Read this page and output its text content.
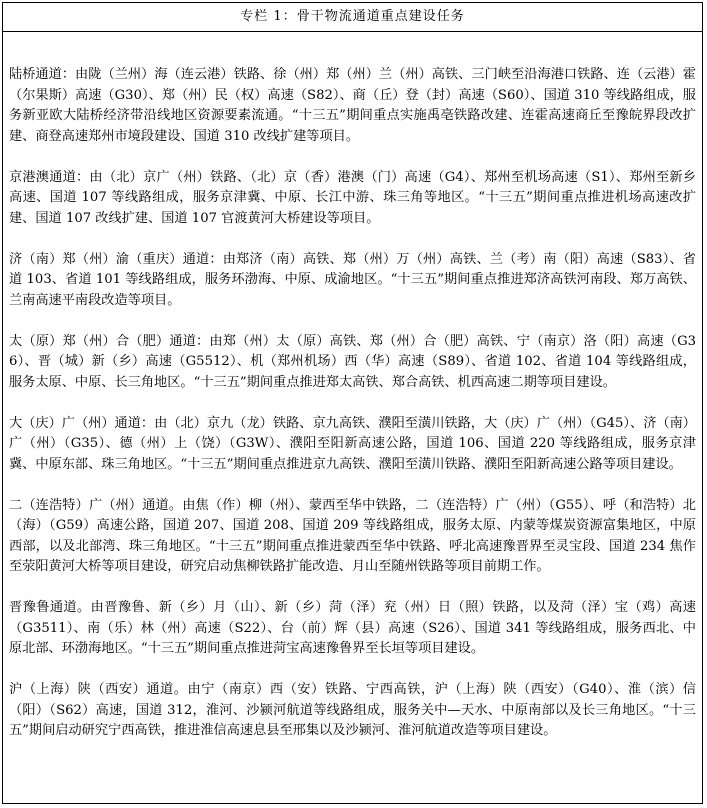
专栏 1：骨干物流通道重点建设任务

陆桥通道：由陇（兰州）海（连云港）铁路、徐（州）郑（州）兰（州）高铁、三门峡至沿海港口铁路、连（云港）霍（尔果斯）高速（G30）、郑（州）民（权）高速（S82）、商（丘）登（封）高速（S60）、国道 310 等线路组成，服务新亚欧大陆桥经济带沿线地区资源要素流通。“十三五”期间重点实施禹亳铁路改建、连霍高速商丘至豫皖界段改扩建、商登高速郑州市境段建设、国道 310 改线扩建等项目。

京港澳通道：由（北）京广（州）铁路、（北）京（香）港澳（门）高速（G4）、郑州至机场高速（S1）、郑州至新乡高速、国道 107 等线路组成，服务京津冀、中原、长江中游、珠三角等地区。“十三五”期间重点推进机场高速改扩建、国道 107 改线扩建、国道 107 官渡黄河大桥建设等项目。

济（南）郑（州）渝（重庆）通道：由郑济（南）高铁、郑（州）万（州）高铁、兰（考）南（阳）高速（S83）、省道 103、省道 101 等线路组成，服务环渤海、中原、成渝地区。“十三五”期间重点推进郑济高铁河南段、郑万高铁、兰南高速平南段改造等项目。

太（原）郑（州）合（肥）通道：由郑（州）太（原）高铁、郑（州）合（肥）高铁、宁（南京）洛（阳）高速（G36）、晋（城）新（乡）高速（G5512）、机（郑州机场）西（华）高速（S89）、省道 102、省道 104 等线路组成，服务太原、中原、长三角地区。“十三五”期间重点推进郑太高铁、郑合高铁、机西高速二期等项目建设。

大（庆）广（州）通道：由（北）京九（龙）铁路、京九高铁、濮阳至潢川铁路，大（庆）广（州）（G45）、济（南）广（州）（G35）、德（州）上（饶）（G3W）、濮阳至阳新高速公路，国道 106、国道 220 等线路组成，服务京津冀、中原东部、珠三角地区。“十三五”期间重点推进京九高铁、濮阳至潢川铁路、濮阳至阳新高速公路等项目建设。

二（连浩特）广（州）通道。由焦（作）柳（州）、蒙西至华中铁路，二（连浩特）广（州）（G55）、呼（和浩特）北（海）（G59）高速公路，国道 207、国道 208、国道 209 等线路组成，服务太原、内蒙等煤炭资源富集地区，中原西部，以及北部湾、珠三角地区。“十三五”期间重点推进蒙西至华中铁路、呼北高速豫晋界至灵宝段、国道 234 焦作至荥阳黄河大桥等项目建设，研究启动焦柳铁路扩能改造、月山至随州铁路等项目前期工作。

晋豫鲁通道。由晋豫鲁、新（乡）月（山）、新（乡）菏（泽）兖（州）日（照）铁路，以及菏（泽）宝（鸡）高速（G3511）、南（乐）林（州）高速（S22）、台（前）辉（县）高速（S26）、国道 341 等线路组成，服务西北、中原北部、环渤海地区。“十三五”期间重点推进菏宝高速豫鲁界至长垣等项目建设。

沪（上海）陕（西安）通道。由宁（南京）西（安）铁路、宁西高铁，沪（上海）陕（西安）（G40）、淮（滨）信（阳）（S62）高速，国道 312，淮河、沙颍河航道等线路组成，服务关中—天水、中原南部以及长三角地区。“十三五”期间启动研究宁西高铁，推进淮信高速息县至邢集以及沙颍河、淮河航道改造等项目建设。
